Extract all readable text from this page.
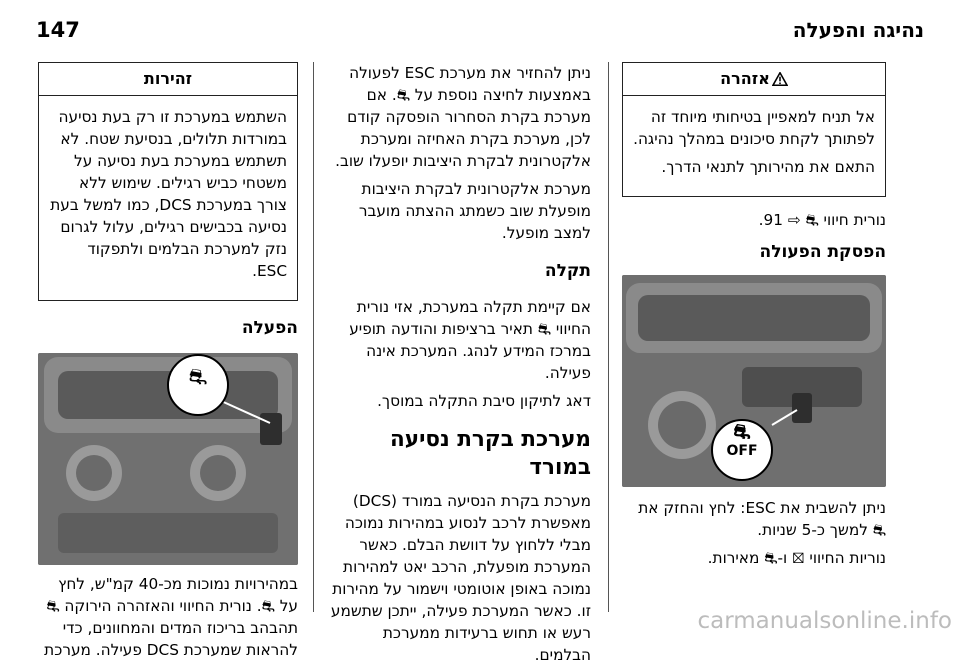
147	נהיגה והפעלה
אזהרה

אל תניח למאפיין בטיחותי מיוחד זה לפתותך לקחת סיכונים במהלך נהיגה.

התאם את מהירותך לתנאי הדרך.

נורית חיווי ⛐ ⇨ 91.

הפסקת הפעולה
⛐
OFF

ניתן להשבית את ESC: לחץ והחזק את ⛐ למשך כ-5 שניות.

נוריות החיווי ⛝ ו-⛐ מאירות.

ניתן להחזיר את מערכת ESC לפעולה באמצעות לחיצה נוספת על ⛐. אם מערכת בקרת הסחרור הופסקה קודם לכן, מערכת בקרת האחיזה ומערכת אלקטרונית לבקרת היציבות יופעלו שוב.

מערכת אלקטרונית לבקרת היציבות מופעלת שוב כשמתג ההצתה מועבר למצב מופעל.

תקלה

אם קיימת תקלה במערכת, אזי נורית החיווי ⛐ תאיר ברציפות והודעה תופיע במרכז המידע לנהג. המערכת אינה פעילה.

דאג לתיקון סיבת התקלה במוסך.

מערכת בקרת נסיעה במורד

מערכת בקרת הנסיעה במורד (DCS) מאפשרת לרכב לנסוע במהירות נמוכה מבלי ללחוץ על דוושת הבלם. כאשר המערכת מופעלת, הרכב יאט למהירות נמוכה באופן אוטומטי וישמור על מהירות זו. כאשר המערכת פעילה, ייתכן שתשמע רעש או תחוש ברעידות ממערכת הבלמים.

זהירות

השתמש במערכת זו רק בעת נסיעה במורדות תלולים, בנסיעת שטח. לא תשתמש במערכת בעת נסיעה על משטחי כביש רגילים. שימוש ללא צורך במערכת DCS, כמו למשל בעת נסיעה בכבישים רגילים, עלול לגרום נזק למערכת הבלמים ולתפקוד ESC.

הפעלה
⛐

במהירויות נמוכות מכ-40 קמ"ש, לחץ על ⛐. נורית החיווי והאזהרה הירוקה ⛐ תהבהב בריכוז המדים והמחוונים, כדי להראות שמערכת DCS פעילה. מערכת

carmanualsonline.info
